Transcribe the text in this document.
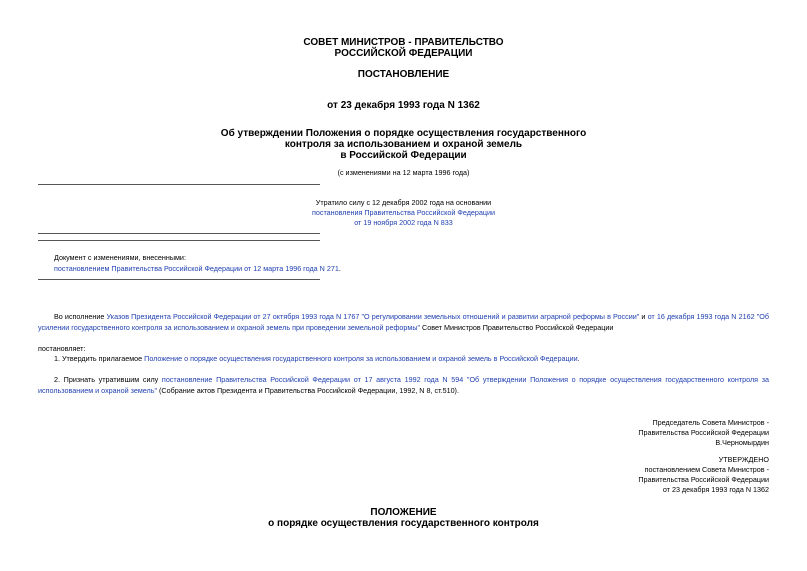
СОВЕТ МИНИСТРОВ - ПРАВИТЕЛЬСТВО
РОССИЙСКОЙ ФЕДЕРАЦИИ
ПОСТАНОВЛЕНИЕ
от 23 декабря 1993 года N 1362
Об утверждении Положения о порядке осуществления государственного
контроля за использованием и охраной земель
в Российской Федерации
(с изменениями на 12 марта 1996 года)
Утратило силу с 12 декабря 2002 года на основании
постановления Правительства Российской Федерации
от 19 ноября 2002 года N 833
Документ с изменениями, внесенными:
постановлением Правительства Российской Федерации от 12 марта 1996 года N 271.
Во исполнение Указов Президента Российской Федерации от 27 октября 1993 года N 1767 "О регулировании земельных отношений и развитии аграрной реформы в России" и от 16 декабря 1993 года N 2162 "Об усилении государственного контроля за использованием и охраной земель при проведении земельной реформы" Совет Министров Правительство Российской Федерации
постановляет:
1. Утвердить прилагаемое Положение о порядке осуществления государственного контроля за использованием и охраной земель в Российской Федерации.
2. Признать утратившим силу постановление Правительства Российской Федерации от 17 августа 1992 года N 594 "Об утверждении Положения о порядке осуществления государственного контроля за использованием и охраной земель" (Собрание актов Президента и Правительства Российской Федерации, 1992, N 8, ст.510).
Председатель Совета Министров -
Правительства Российской Федерации
В.Черномырдин
УТВЕРЖДЕНО
постановлением Совета Министров -
Правительства Российской Федерации
от 23 декабря 1993 года N 1362
ПОЛОЖЕНИЕ
о порядке осуществления государственного контроля
